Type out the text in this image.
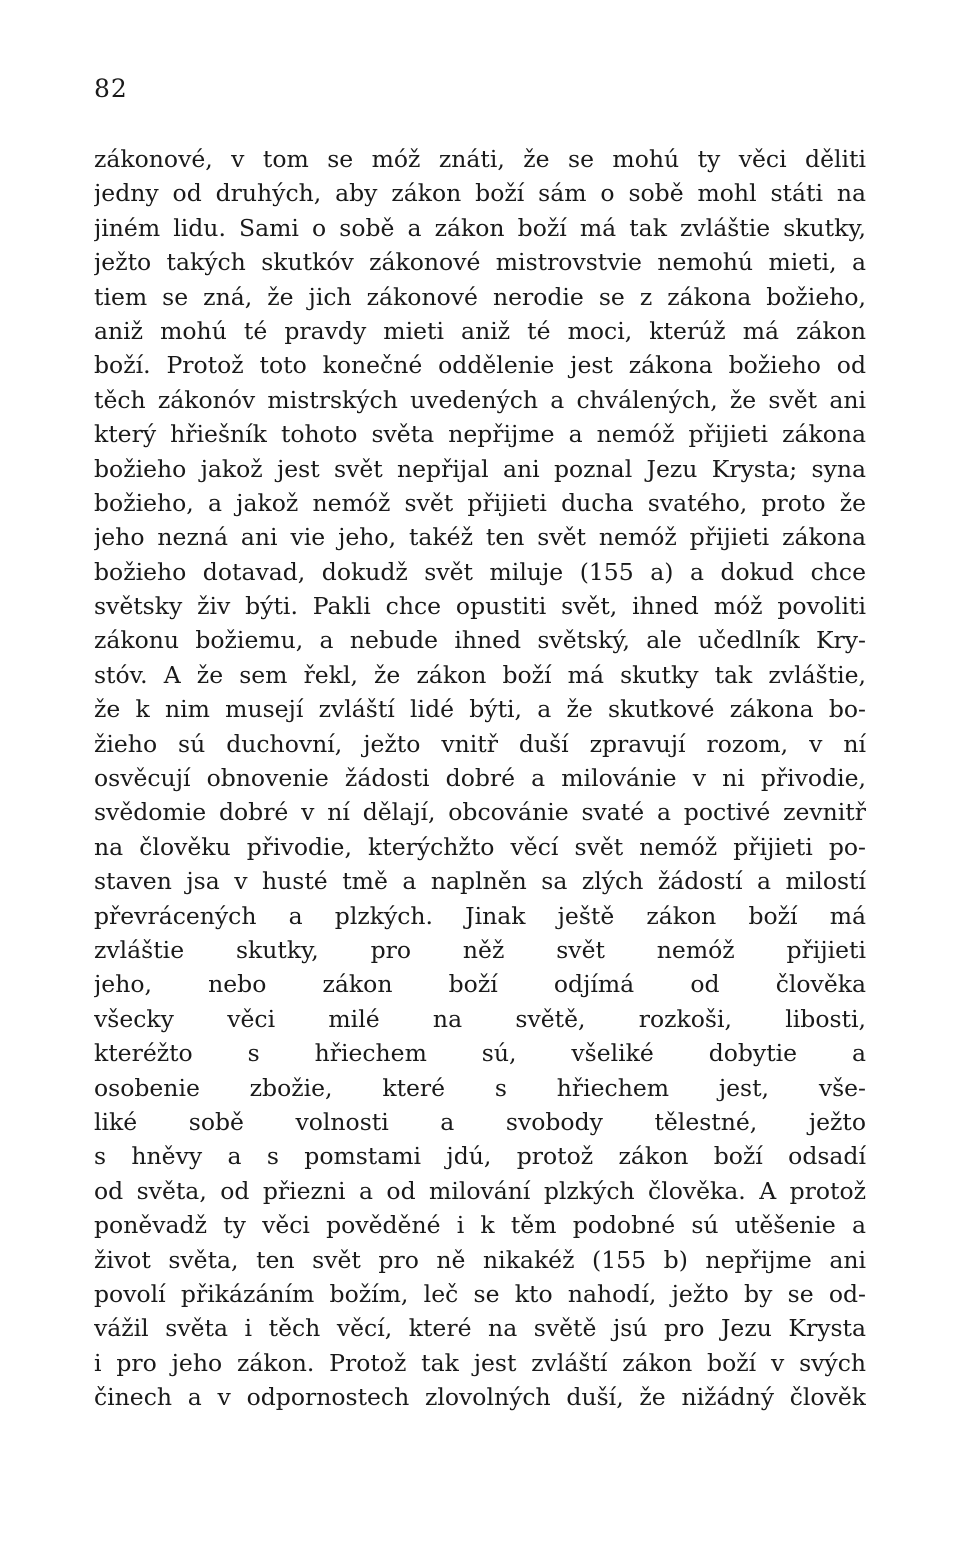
82
zákonové, v tom se móž znáti, že se mohú ty věci děliti
jedny od druhých, aby zákon boží sám o sobě mohl státi na
jiném lidu. Sami o sobě a zákon boží má tak zvláštie skutky,
ježto takých skutkóv zákonové mistrovstvie nemohú mieti, a
tiem se zná, že jich zákonové nerodie se z zákona božieho,
aniž mohú té pravdy mieti aniž té moci, kterúž má zákon
boží. Protož toto konečné oddělenie jest zákona božieho od
těch zákonóv mistrských uvedených a chválených, že svět ani
který hřiešník tohoto světa nepřijme a nemóž přijieti zákona
božieho jakož jest svět nepřijal ani poznal Jezu Krysta; syna
božieho, a jakož nemóž svět přijieti ducha svatého, proto že
jeho nezná ani vie jeho, takéž ten svět nemóž přijieti zákona
božieho dotavad, dokudž svět miluje (155 a) a dokud chce
světsky živ býti. Pakli chce opustiti svět, ihned móž povoliti
zákonu božiemu, a nebude ihned světský, ale učedlník Kry-
stóv. A že sem řekl, že zákon boží má skutky tak zvláštie,
že k nim musejí zvláští lidé býti, a že skutkové zákona bo-
žieho sú duchovní, ježto vnitř duší zpravují rozom, v ní
osvěcují obnovenie žádosti dobré a milovánie v ni přivodie,
svědomie dobré v ní dělají, obcovánie svaté a poctivé zevnitř
na člověku přivodie, kterýchžto věcí svět nemóž přijieti po-
staven jsa v husté tmě a naplněn sa zlých žádostí a milostí
převrácených a plzkých. Jinak ještě zákon boží má
zvláštie skutky, pro něž svět nemóž přijieti
jeho, nebo zákon boží odjímá od člověka
všecky věci milé na světě, rozkoši, libosti,
kteréžto s hřiechem sú, všeliké dobytie a
osobenie zbožie, které s hřiechem jest, vše-
liké sobě volnosti a svobody tělestné, ježto
s hněvy a s pomstami jdú, protož zákon boží odsadí
od světa, od přiezni a od milování plzkých člověka. A protož
poněvadž ty věci pověděné i k těm podobné sú utěšenie a
život světa, ten svět pro ně nikakéž (155 b) nepřijme ani
povolí přikázáním božím, leč se kto nahodí, ježto by se od-
vážil světa i těch věcí, které na světě jsú pro Jezu Krysta
i pro jeho zákon. Protož tak jest zvláští zákon boží v svých
činech a v odpornostech zlovolných duší, že nižádný člověk
